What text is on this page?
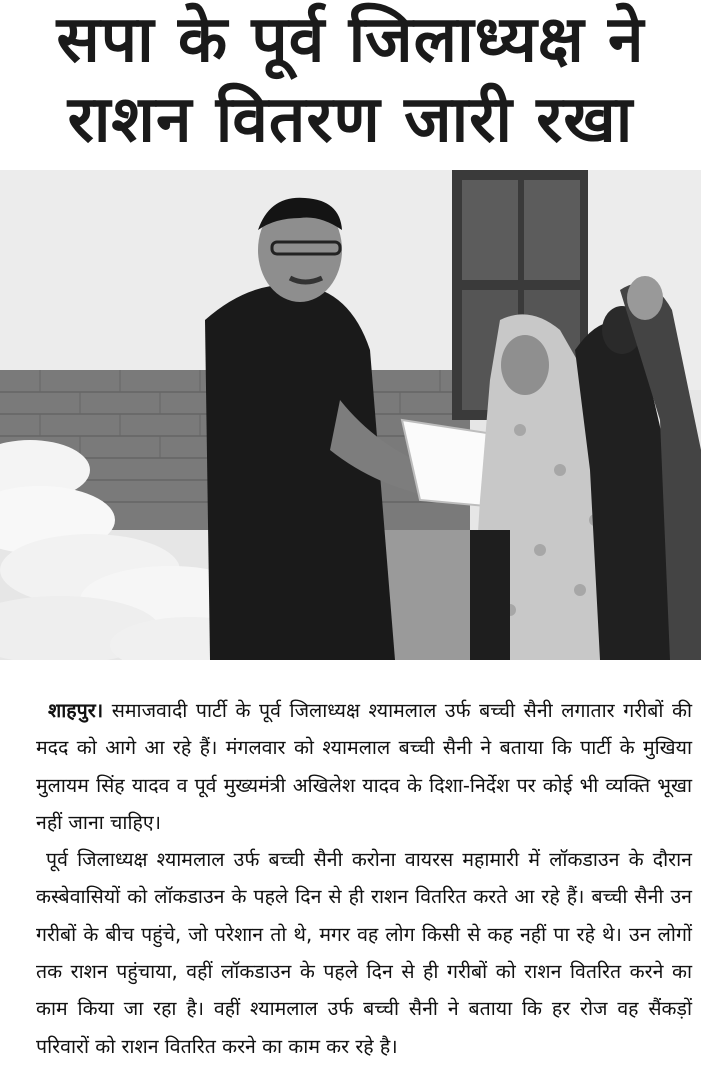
सपा के पूर्व जिलाध्यक्ष ने
राशन वितरण जारी रखा

शाहपुर। समाजवादी पार्टी के पूर्व जिलाध्यक्ष श्यामलाल उर्फ बच्ची सैनी लगातार गरीबों की मदद को आगे आ रहे हैं। मंगलवार को श्यामलाल बच्ची सैनी ने बताया कि पार्टी के मुखिया मुलायम सिंह यादव व पूर्व मुख्यमंत्री अखिलेश यादव के दिशा-निर्देश पर कोई भी व्यक्ति भूखा नहीं जाना चाहिए।

पूर्व जिलाध्यक्ष श्यामलाल उर्फ बच्ची सैनी करोना वायरस महामारी में लॉकडाउन के दौरान कस्बेवासियों को लॉकडाउन के पहले दिन से ही राशन वितरित करते आ रहे हैं। बच्ची सैनी उन गरीबों के बीच पहुंचे, जो परेशान तो थे, मगर वह लोग किसी से कह नहीं पा रहे थे। उन लोगों तक राशन पहुंचाया, वहीं लॉकडाउन के पहले दिन से ही गरीबों को राशन वितरित करने का काम किया जा रहा है। वहीं श्यामलाल उर्फ बच्ची सैनी ने बताया कि हर रोज वह सैंकड़ों परिवारों को राशन वितरित करने का काम कर रहे है।
